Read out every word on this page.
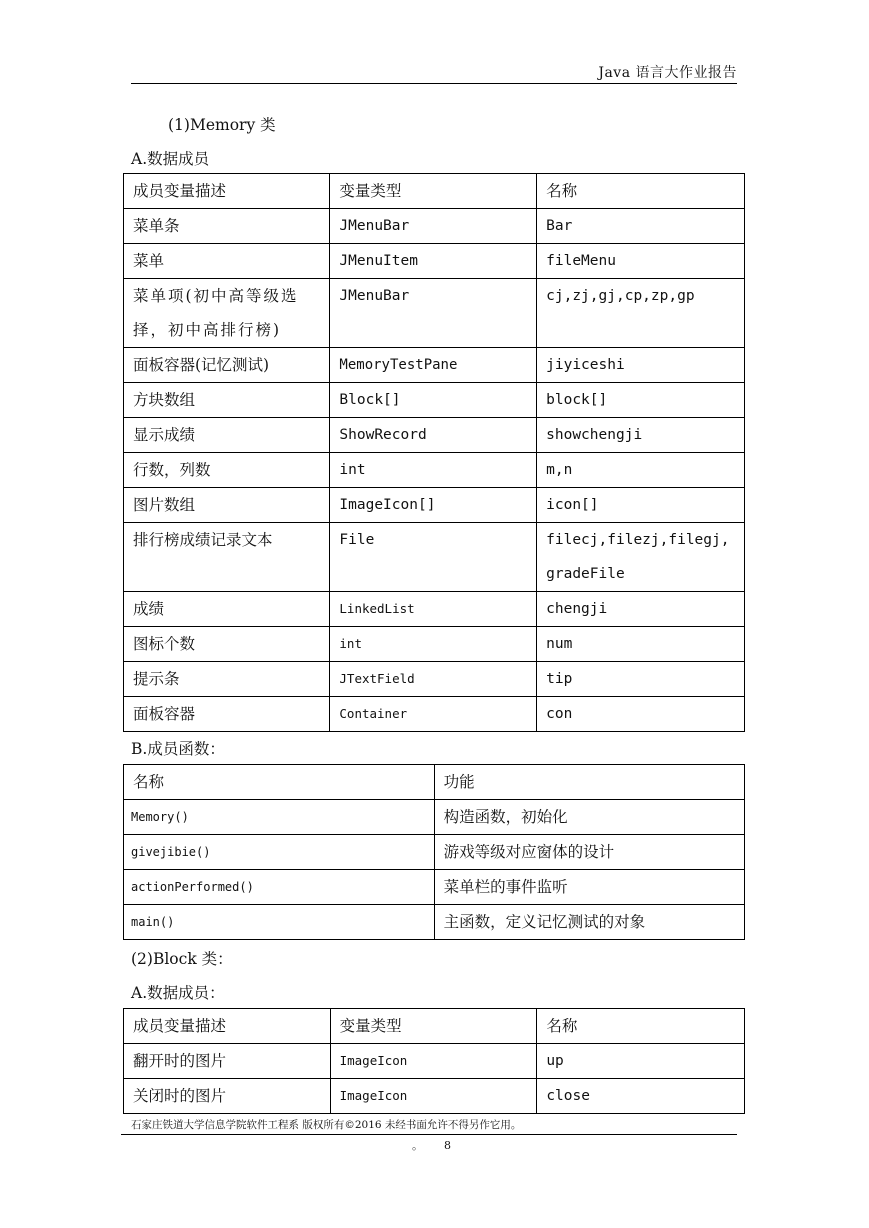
Java 语言大作业报告
(1)Memory 类
A.数据成员
成员变量描述	变量类型	名称
菜单条	JMenuBar	Bar
菜单	JMenuItem	fileMenu
菜单项(初中高等级选择，初中高排行榜)	JMenuBar	cj,zj,gj,cp,zp,gp
面板容器(记忆测试)	MemoryTestPane	jiyiceshi
方块数组	Block[]	block[]
显示成绩	ShowRecord	showchengji
行数，列数	int	m,n
图片数组	ImageIcon[]	icon[]
排行榜成绩记录文本	File	filecj,filezj,filegj,gradeFile
成绩	LinkedList	chengji
图标个数	int	num
提示条	JTextField	tip
面板容器	Container	con
B.成员函数：
名称	功能
Memory()	构造函数，初始化
givejibie()	游戏等级对应窗体的设计
actionPerformed()	菜单栏的事件监听
main()	主函数，定义记忆测试的对象
(2)Block 类：
A.数据成员：
成员变量描述	变量类型	名称
翻开时的图片	ImageIcon	up
关闭时的图片	ImageIcon	close
石家庄铁道大学信息学院软件工程系 版权所有©2016 未经书面允许不得另作它用。
。 8
